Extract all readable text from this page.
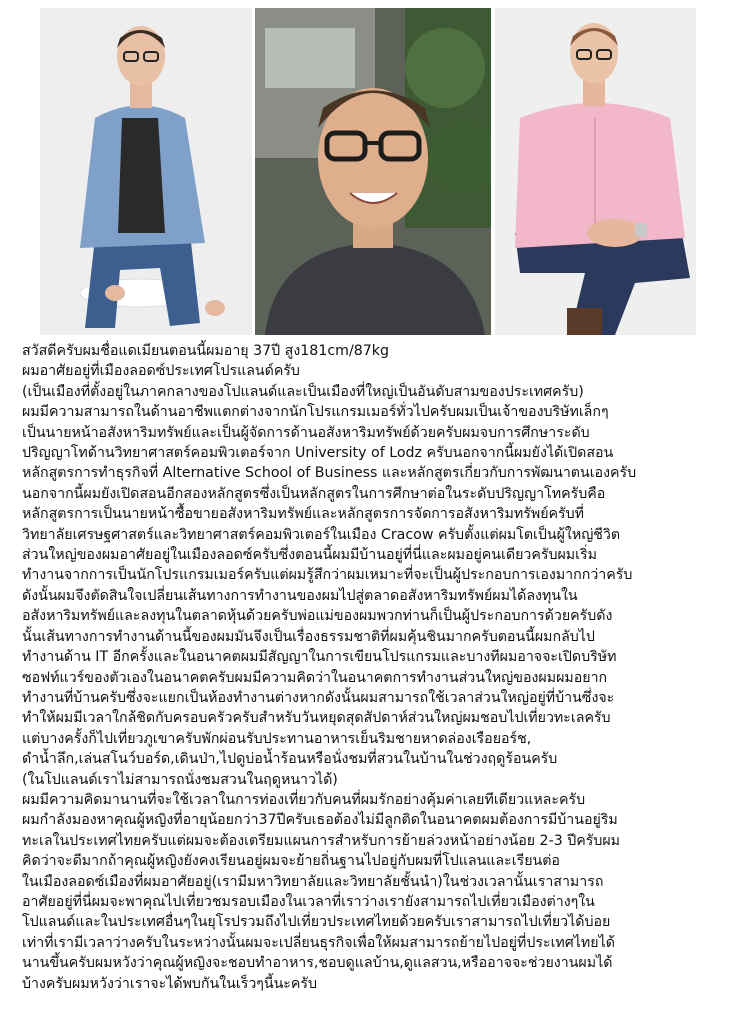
สวัสดีครับผมชื่อแดเมียนตอนนี้ผมอายุ 37ปี สูง181cm/87kg

ผมอาศัยอยู่ที่เมืองลอดซ์ประเทศโปรแลนด์ครับ

(เป็นเมืองที่ตั้งอยู่ในภาคกลางของโปแลนด์และเป็นเมืองที่ใหญ่เป็นอันดับสามของประเทศครับ)

ผมมีความสามารถในด้านอาชีพแตกต่างจากนักโปรแกรมเมอร์ทั่วไปครับผมเป็นเจ้าของบริษัทเล็กๆ

เป็นนายหน้าอสังหาริมทรัพย์และเป็นผู้จัดการด้านอสังหาริมทรัพย์ด้วยครับผมจบการศึกษาระดับ

ปริญญาโทด้านวิทยาศาสตร์คอมพิวเตอร์จาก University of Lodz ครับนอกจากนี้ผมยังได้เปิดสอน

หลักสูตรการทำธุรกิจที่ Alternative School of Business และหลักสูตรเกี่ยวกับการพัฒนาตนเองครับ

นอกจากนี้ผมยังเปิดสอนอีกสองหลักสูตรซึ่งเป็นหลักสูตรในการศึกษาต่อในระดับปริญญาโทครับคือ

หลักสูตรการเป็นนายหน้าซื้อขายอสังหาริมทรัพย์และหลักสูตรการจัดการอสังหาริมทรัพย์ครับที่

วิทยาลัยเศรษฐศาสตร์และวิทยาศาสตร์คอมพิวเตอร์ในเมือง Cracow ครับตั้งแต่ผมโตเป็นผู้ใหญ่ชีวิต

ส่วนใหญ่ของผมอาศัยอยู่ในเมืองลอดซ์ครับซึ่งตอนนี้ผมมีบ้านอยู่ที่นี่และผมอยู่คนเดียวครับผมเริ่ม

ทำงานจากการเป็นนักโปรแกรมเมอร์ครับแต่ผมรู้สึกว่าผมเหมาะที่จะเป็นผู้ประกอบการเองมากกว่าครับ

ดังนั้นผมจึงตัดสินใจเปลี่ยนเส้นทางการทำงานของผมไปสู่ตลาดอสังหาริมทรัพย์ผมได้ลงทุนใน

อสังหาริมทรัพย์และลงทุนในตลาดหุ้นด้วยครับพ่อแม่ของผมพวกท่านก็เป็นผู้ประกอบการด้วยครับดัง

นั้นเส้นทางการทำงานด้านนี้ของผมมันจึงเป็นเรื่องธรรมชาติที่ผมคุ้นชินมากครับตอนนี้ผมกลับไป

ทำงานด้าน IT อีกครั้งและในอนาคตผมมีสัญญาในการเขียนโปรแกรมและบางทีผมอาจจะเปิดบริษัท

ซอฟท์แวร์ของตัวเองในอนาคตครับผมมีความคิดว่าในอนาคตการทำงานส่วนใหญ่ของผมผมอยาก

ทำงานที่บ้านครับซึ่งจะแยกเป็นห้องทำงานต่างหากดังนั้นผมสามารถใช้เวลาส่วนใหญ่อยู่ที่บ้านซึ่งจะ

ทำให้ผมมีเวลาใกล้ชิดกับครอบครัวครับสำหรับวันหยุดสุดสัปดาห์ส่วนใหญ่ผมชอบไปเที่ยวทะเลครับ

แต่บางครั้งก็ไปเที่ยวภูเขาครับพักผ่อนรับประทานอาหารเย็นริมชายหาดล่องเรือยอร์ช,

ดำน้ำลึก,เล่นสโนว์บอร์ด,เดินป่า,ไปดูบ่อน้ำร้อนหรือนั่งชมที่สวนในบ้านในช่วงฤดูร้อนครับ

(ในโปแลนด์เราไม่สามารถนั่งชมสวนในฤดูหนาวได้)

ผมมีความคิดมานานที่จะใช้เวลาในการท่องเที่ยวกับคนที่ผมรักอย่างคุ้มค่าเลยทีเดียวแหละครับ

ผมกำลังมองหาคุณผู้หญิงที่อายุน้อยกว่า37ปีครับเธอต้องไม่มีลูกติดในอนาคตผมต้องการมีบ้านอยู่ริม

ทะเลในประเทศไทยครับแต่ผมจะต้องเตรียมแผนการสำหรับการย้ายล่วงหน้าอย่างน้อย 2-3 ปีครับผม

คิดว่าจะดีมากถ้าคุณผู้หญิงยังคงเรียนอยู่ผมจะย้ายถิ่นฐานไปอยู่กับผมที่โปแลนและเรียนต่อ

ในเมืองลอดซ์เมืองที่ผมอาศัยอยู่(เรามีมหาวิทยาลัยและวิทยาลัยชั้นนำ)ในช่วงเวลานั้นเราสามารถ

อาศัยอยู่ที่นี่ผมจะพาคุณไปเที่ยวชมรอบเมืองในเวลาที่เราว่างเรายังสามารถไปเที่ยวเมืองต่างๆใน

โปแลนด์และในประเทศอื่นๆในยุโรปรวมถึงไปเที่ยวประเทศไทยด้วยครับเราสามารถไปเที่ยวได้บ่อย

เท่าที่เรามีเวลาว่างครับในระหว่างนั้นผมจะเปลี่ยนธุรกิจเพื่อให้ผมสามารถย้ายไปอยู่ที่ประเทศไทยได้

นานขึ้นครับผมหวังว่าคุณผู้หญิงจะชอบทำอาหาร,ชอบดูแลบ้าน,ดูแลสวน,หรืออาจจะช่วยงานผมได้

บ้างครับผมหวังว่าเราจะได้พบกันในเร็วๆนี้นะครับ
